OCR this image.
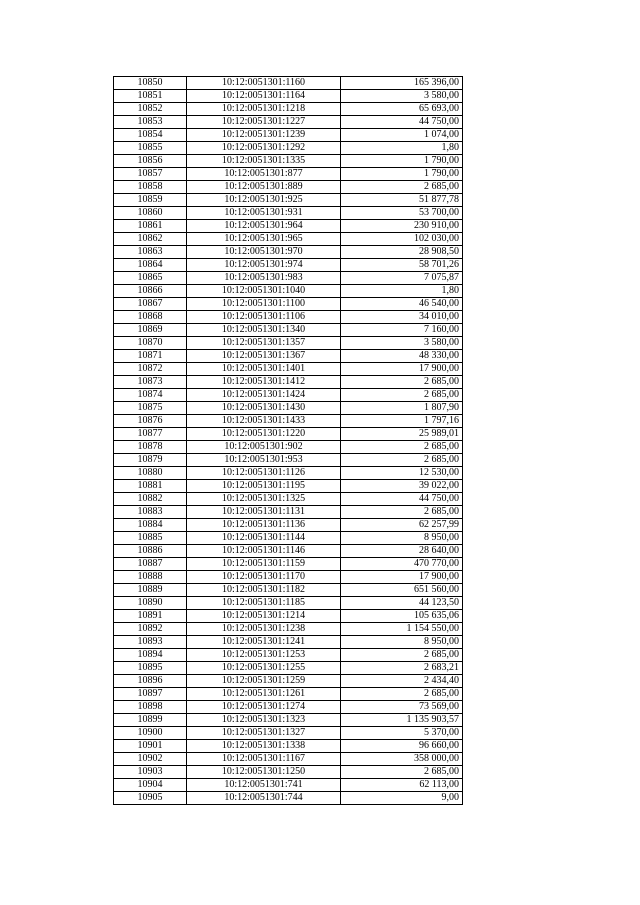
10850	10:12:0051301:1160	165 396,00
10851	10:12:0051301:1164	3 580,00
10852	10:12:0051301:1218	65 693,00
10853	10:12:0051301:1227	44 750,00
10854	10:12:0051301:1239	1 074,00
10855	10:12:0051301:1292	1,80
10856	10:12:0051301:1335	1 790,00
10857	10:12:0051301:877	1 790,00
10858	10:12:0051301:889	2 685,00
10859	10:12:0051301:925	51 877,78
10860	10:12:0051301:931	53 700,00
10861	10:12:0051301:964	230 910,00
10862	10:12:0051301:965	102 030,00
10863	10:12:0051301:970	28 908,50
10864	10:12:0051301:974	58 701,26
10865	10:12:0051301:983	7 075,87
10866	10:12:0051301:1040	1,80
10867	10:12:0051301:1100	46 540,00
10868	10:12:0051301:1106	34 010,00
10869	10:12:0051301:1340	7 160,00
10870	10:12:0051301:1357	3 580,00
10871	10:12:0051301:1367	48 330,00
10872	10:12:0051301:1401	17 900,00
10873	10:12:0051301:1412	2 685,00
10874	10:12:0051301:1424	2 685,00
10875	10:12:0051301:1430	1 807,90
10876	10:12:0051301:1433	1 797,16
10877	10:12:0051301:1220	25 989,01
10878	10:12:0051301:902	2 685,00
10879	10:12:0051301:953	2 685,00
10880	10:12:0051301:1126	12 530,00
10881	10:12:0051301:1195	39 022,00
10882	10:12:0051301:1325	44 750,00
10883	10:12:0051301:1131	2 685,00
10884	10:12:0051301:1136	62 257,99
10885	10:12:0051301:1144	8 950,00
10886	10:12:0051301:1146	28 640,00
10887	10:12:0051301:1159	470 770,00
10888	10:12:0051301:1170	17 900,00
10889	10:12:0051301:1182	651 560,00
10890	10:12:0051301:1185	44 123,50
10891	10:12:0051301:1214	105 635,06
10892	10:12:0051301:1238	1 154 550,00
10893	10:12:0051301:1241	8 950,00
10894	10:12:0051301:1253	2 685,00
10895	10:12:0051301:1255	2 683,21
10896	10:12:0051301:1259	2 434,40
10897	10:12:0051301:1261	2 685,00
10898	10:12:0051301:1274	73 569,00
10899	10:12:0051301:1323	1 135 903,57
10900	10:12:0051301:1327	5 370,00
10901	10:12:0051301:1338	96 660,00
10902	10:12:0051301:1167	358 000,00
10903	10:12:0051301:1250	2 685,00
10904	10:12:0051301:741	62 113,00
10905	10:12:0051301:744	9,00
